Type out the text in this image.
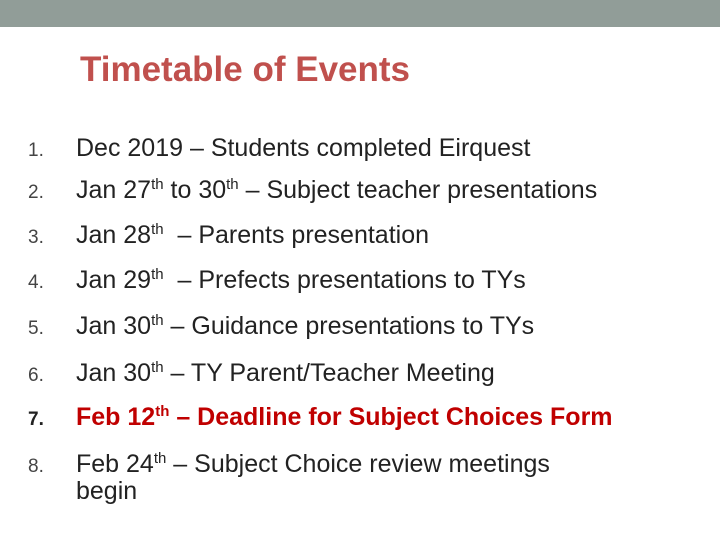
Timetable of Events
1. Dec 2019 – Students completed Eirquest
2. Jan 27th to 30th – Subject teacher presentations
3. Jan 28th  – Parents presentation
4. Jan 29th  – Prefects presentations to TYs
5. Jan 30th – Guidance presentations to TYs
6. Jan 30th – TY Parent/Teacher Meeting
7. Feb 12th – Deadline for Subject Choices Form
8. Feb 24th – Subject Choice review meetings
begin
